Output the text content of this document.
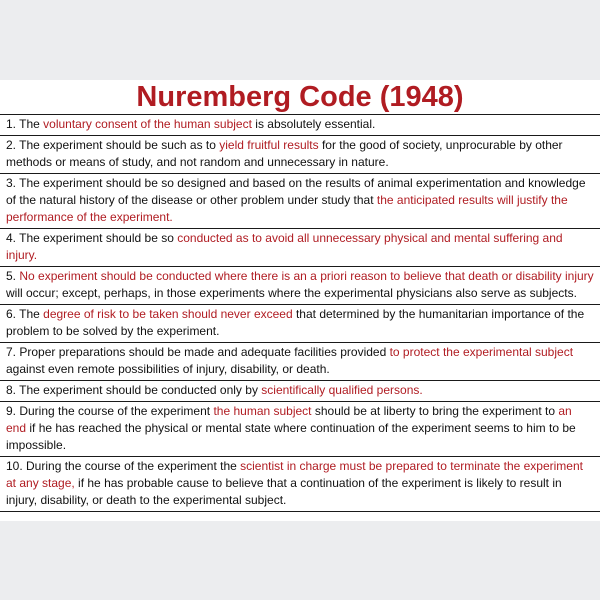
Nuremberg Code (1948)
1. The voluntary consent of the human subject is absolutely essential.
2. The experiment should be such as to yield fruitful results for the good of society, unprocurable by other methods or means of study, and not random and unnecessary in nature.
3. The experiment should be so designed and based on the results of animal experimentation and knowledge of the natural history of the disease or other problem under study that the anticipated results will justify the performance of the experiment.
4. The experiment should be so conducted as to avoid all unnecessary physical and mental suffering and injury.
5. No experiment should be conducted where there is an a priori reason to believe that death or disability injury will occur; except, perhaps, in those experiments where the experimental physicians also serve as subjects.
6. The degree of risk to be taken should never exceed that determined by the humanitarian importance of the problem to be solved by the experiment.
7. Proper preparations should be made and adequate facilities provided to protect the experimental subject against even remote possibilities of injury, disability, or death.
8. The experiment should be conducted only by scientifically qualified persons.
9. During the course of the experiment the human subject should be at liberty to bring the experiment to an end if he has reached the physical or mental state where continuation of the experiment seems to him to be impossible.
10. During the course of the experiment the scientist in charge must be prepared to terminate the experiment at any stage, if he has probable cause to believe that a continuation of the experiment is likely to result in injury, disability, or death to the experimental subject.
